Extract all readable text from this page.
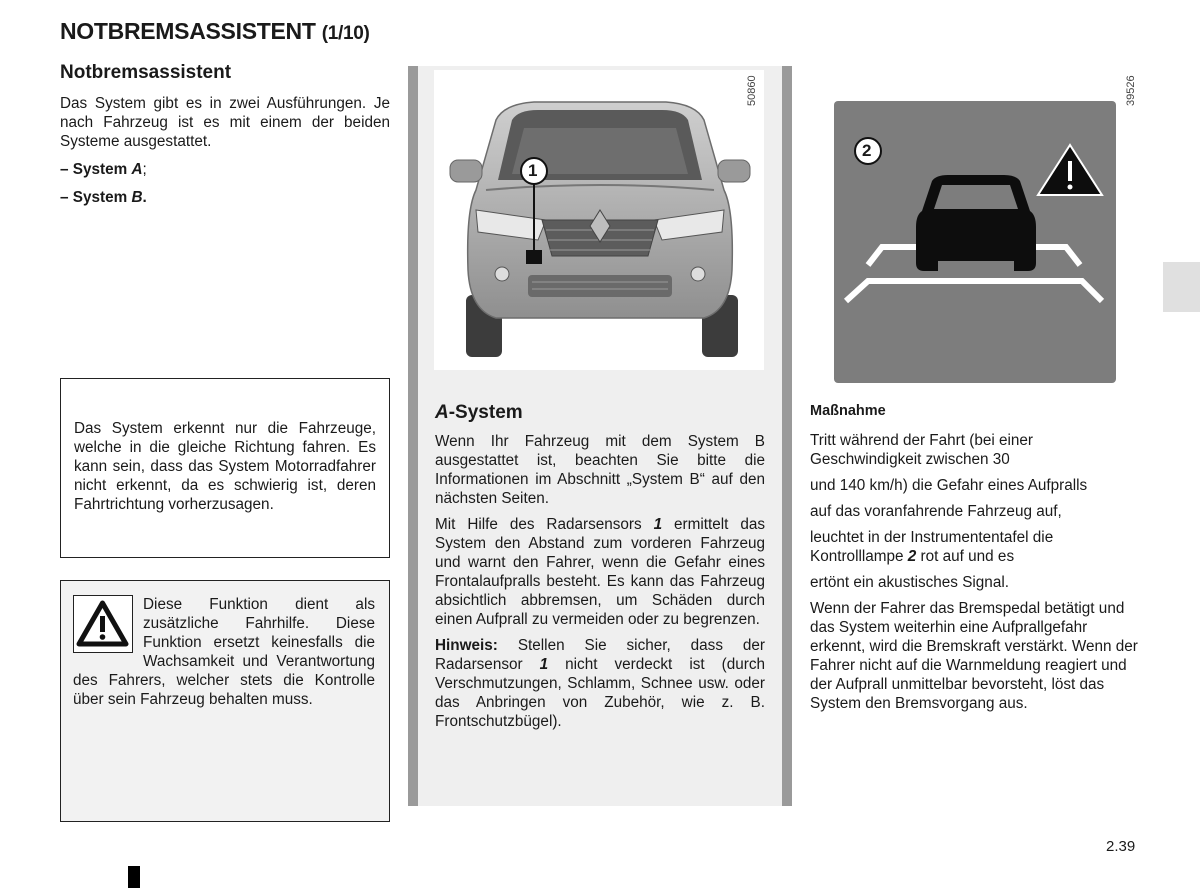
NOTBREMSASSISTENT (1/10)
Notbremsassistent

Das System gibt es in zwei Ausführungen. Je nach Fahrzeug ist es mit einem der beiden Systeme ausgestattet.

– System A;
– System B.
Das System erkennt nur die Fahrzeuge, welche in die gleiche Richtung fahren. Es kann sein, dass das System Motorradfahrer nicht erkennt, da es schwierig ist, deren Fahrtrichtung vorherzusagen.
Diese Funktion dient als zusätzliche Fahrhilfe. Diese Funktion ersetzt keinesfalls die Wachsamkeit und Verantwortung des Fahrers, welcher stets die Kontrolle über sein Fahrzeug behalten muss.
1
50860
A-System

Wenn Ihr Fahrzeug mit dem System B ausgestattet ist, beachten Sie bitte die Informationen im Abschnitt „System B“ auf den nächsten Seiten.

Mit Hilfe des Radarsensors 1 ermittelt das System den Abstand zum vorderen Fahrzeug und warnt den Fahrer, wenn die Gefahr eines Frontalaufpralls besteht. Es kann das Fahrzeug absichtlich abbremsen, um Schäden durch einen Aufprall zu vermeiden oder zu begrenzen.

Hinweis: Stellen Sie sicher, dass der Radarsensor 1 nicht verdeckt ist (durch Verschmutzungen, Schlamm, Schnee usw. oder das Anbringen von Zubehör, wie z. B. Frontschutzbügel).

2
39526
Maßnahme

Tritt während der Fahrt (bei einer Geschwindigkeit zwischen 30

und 140 km/h) die Gefahr eines Aufpralls

auf das voranfahrende Fahrzeug auf,

leuchtet in der Instrumententafel die Kontrolllampe 2 rot auf und es

ertönt ein akustisches Signal.

Wenn der Fahrer das Bremspedal betätigt und das System weiterhin eine Aufprallgefahr erkennt, wird die Bremskraft verstärkt. Wenn der Fahrer nicht auf die Warnmeldung reagiert und der Aufprall unmittelbar bevorsteht, löst das System den Bremsvorgang aus.

2.39
